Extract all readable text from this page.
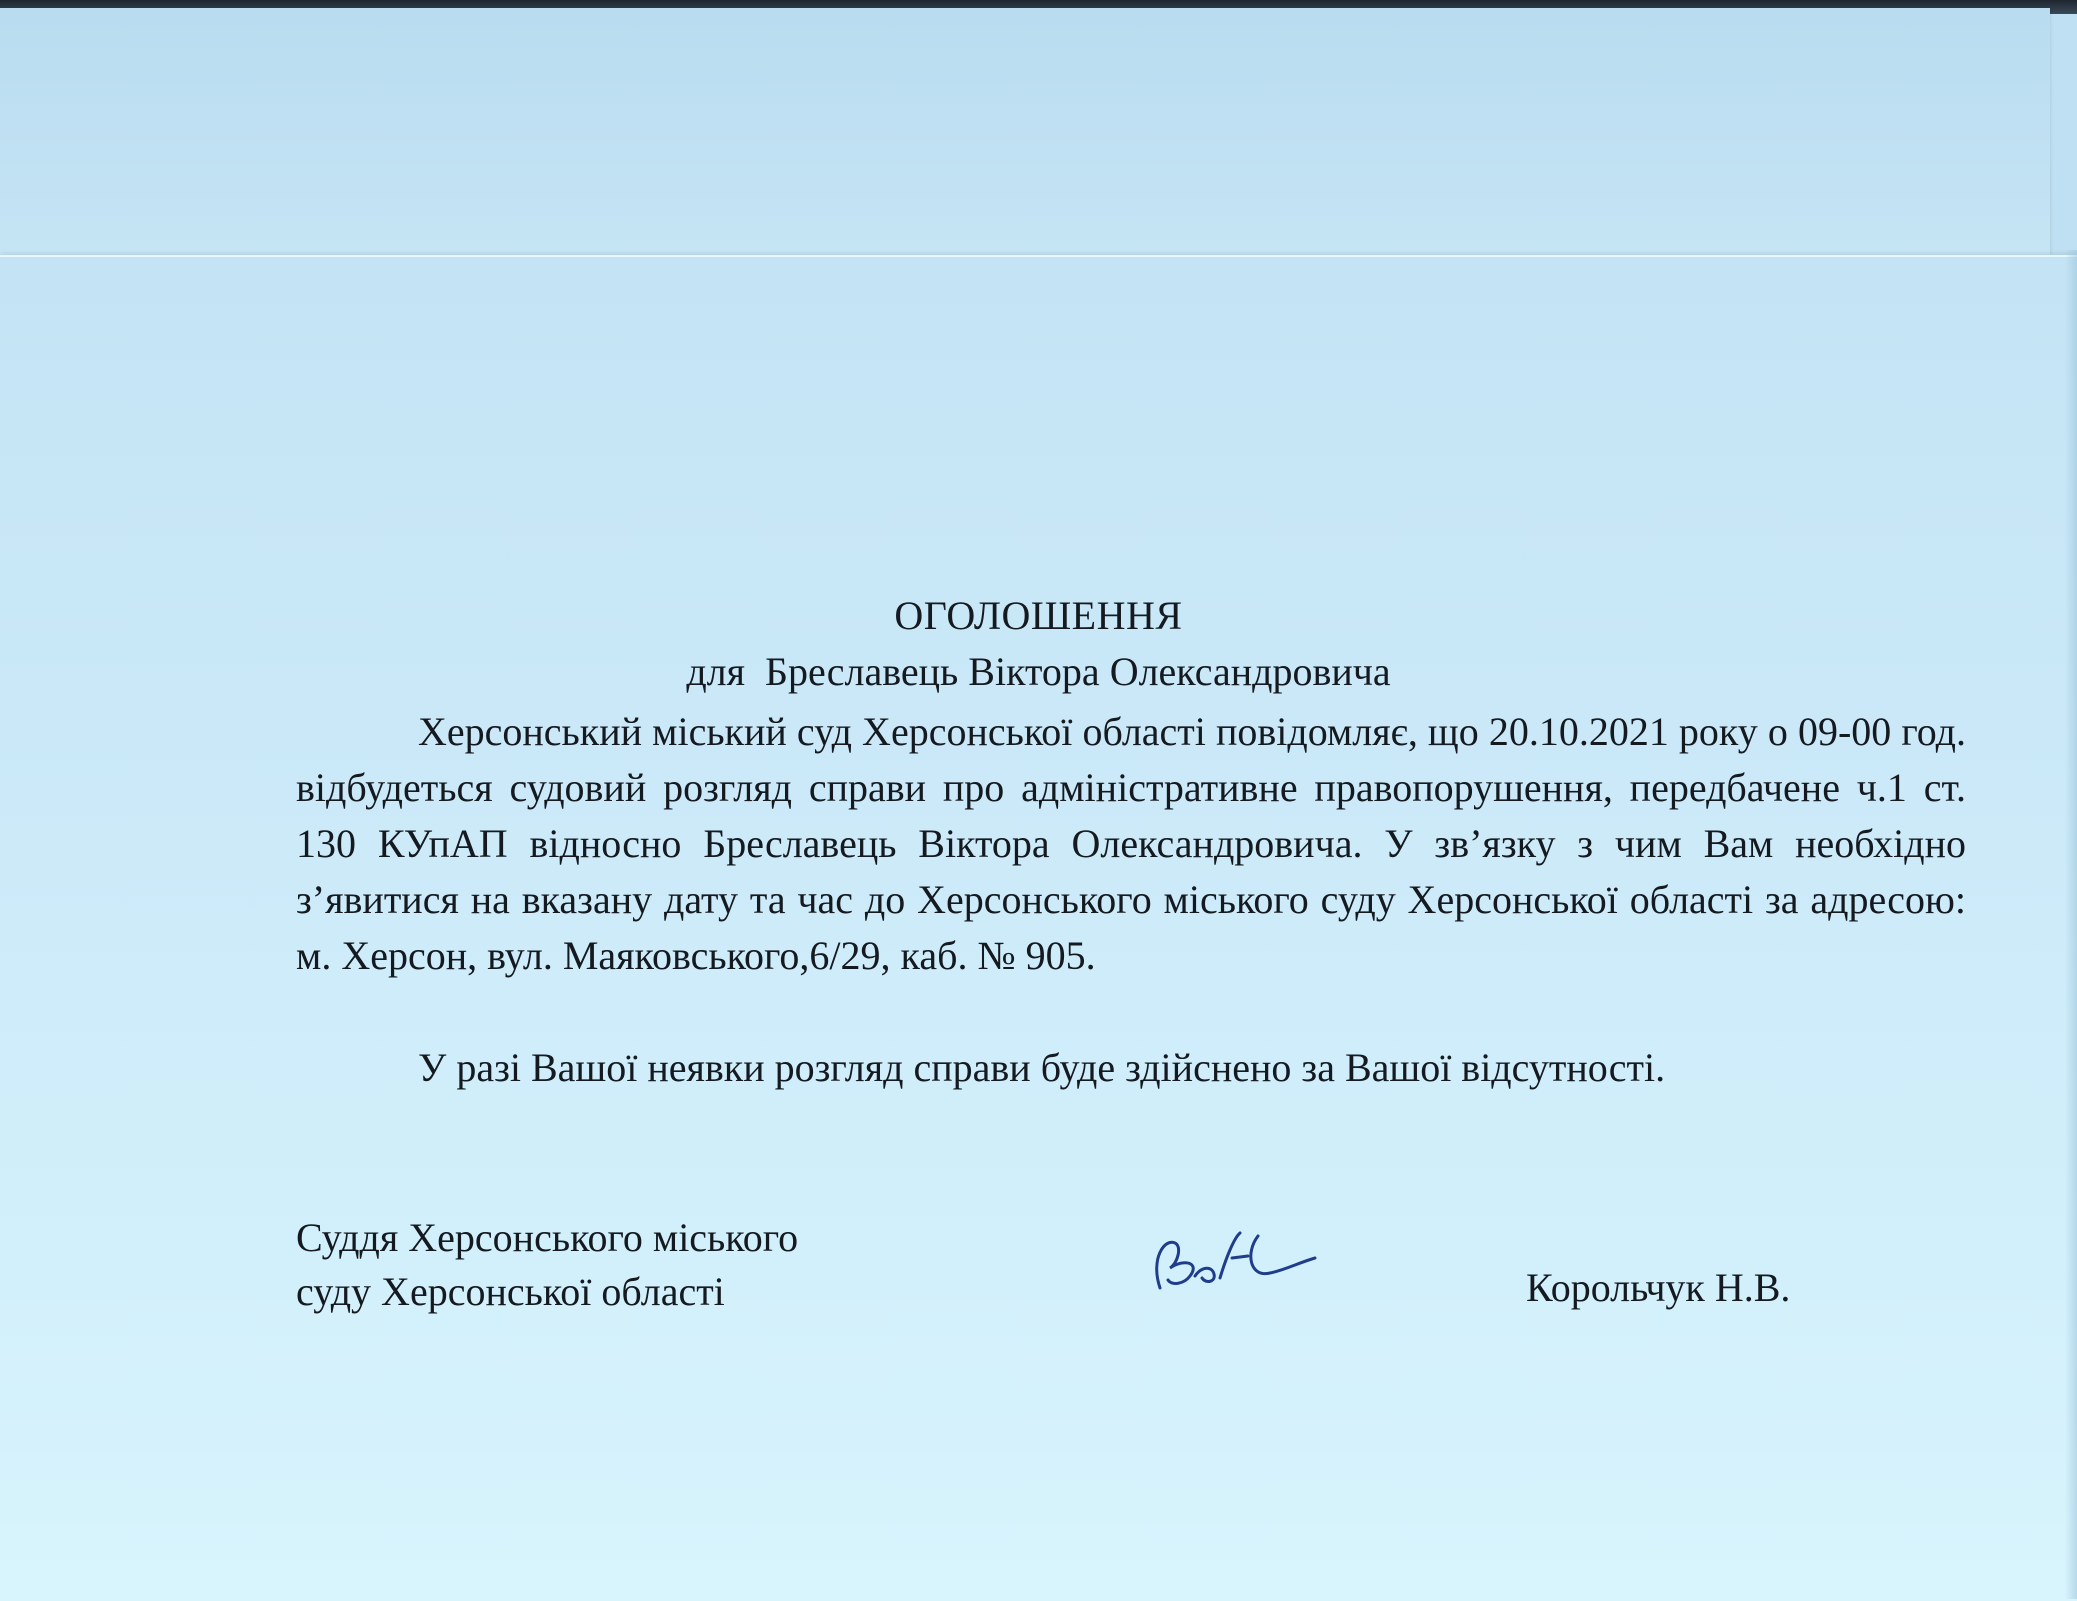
ОГОЛОШЕННЯ
для  Бреславець Віктора Олександровича

Херсонський міський суд Херсонської області повідомляє, що 20.10.2021 року о 09-00 год. відбудеться судовий розгляд справи про адміністративне правопорушення, передбачене ч.1 ст. 130 КУпАП відносно Бреславець Віктора Олександровича. У зв’язку з чим Вам необхідно з’явитися на вказану дату та час до Херсонського міського суду Херсонської області за адресою: м. Херсон, вул. Маяковського,6/29, каб. № 905.

У разі Вашої неявки розгляд справи буде здійснено за Вашої відсутності.

Суддя Херсонського міського
суду Херсонської області	Корольчук Н.В.
